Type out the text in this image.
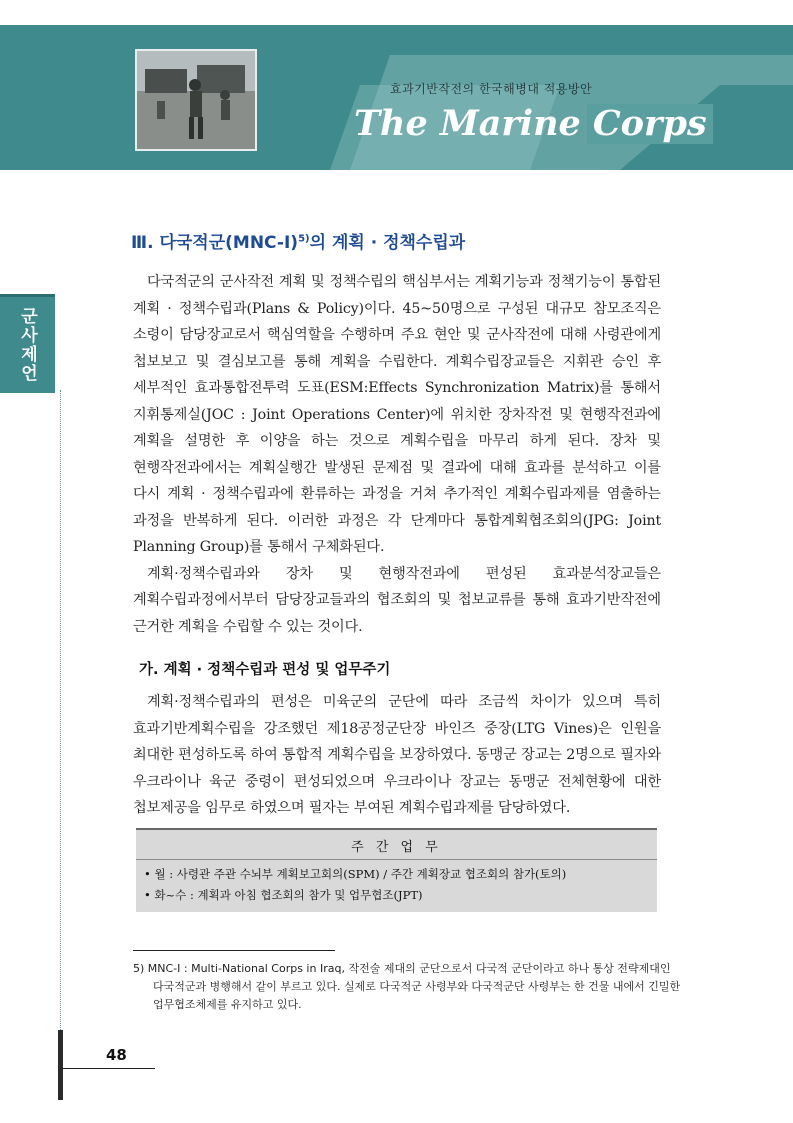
효과기반작전의 한국해병대 적용방안
The Marine Corps
군사제언
Ⅲ. 다국적군$(MNC-I)^{5)}$의 계획 · 정책수립과

다국적군의 군사작전 계획 및 정책수립의 핵심부서는 계획기능과 정책기능이 통합된 계획 · 정책수립과(Plans & Policy)이다. 45~50명으로 구성된 대규모 참모조직은 소령이 담당장교로서 핵심역할을 수행하며 주요 현안 및 군사작전에 대해 사령관에게 첩보보고 및 결심보고를 통해 계획을 수립한다. 계획수립장교들은 지휘관 승인 후 세부적인 효과통합전투력 도표(ESM:Effects Synchronization Matrix)를 통해서 지휘통제실(JOC : Joint Operations Center)에 위치한 장차작전 및 현행작전과에 계획을 설명한 후 이양을 하는 것으로 계획수립을 마무리 하게 된다. 장차 및 현행작전과에서는 계획실행간 발생된 문제점 및 결과에 대해 효과를 분석하고 이를 다시 계획 · 정책수립과에 환류하는 과정을 거쳐 추가적인 계획수립과제를 염출하는 과정을 반복하게 된다. 이러한 과정은 각 단계마다 통합계획협조회의(JPG: Joint Planning Group)를 통해서 구체화된다.

계획·정책수립과와 장차 및 현행작전과에 편성된 효과분석장교들은 계획수립과정에서부터 담당장교들과의 협조회의 및 첩보교류를 통해 효과기반작전에 근거한 계획을 수립할 수 있는 것이다.

가. 계획 · 정책수립과 편성 및 업무주기

계획·정책수립과의 편성은 미육군의 군단에 따라 조금씩 차이가 있으며 특히 효과기반계획수립을 강조했던 제18공정군단장 바인즈 중장(LTG Vines)은 인원을 최대한 편성하도록 하여 통합적 계획수립을 보장하였다. 동맹군 장교는 2명으로 필자와 우크라이나 육군 중령이 편성되었으며 우크라이나 장교는 동맹군 전체현황에 대한 첩보제공을 임무로 하였으며 필자는 부여된 계획수립과제를 담당하였다.

주 간 업 무
• 월 : 사령관 주관 수뇌부 계획보고회의(SPM) / 주간 계획장교 협조회의 참가(토의)
• 화~수 : 계획과 아침 협조회의 참가 및 업무협조(JPT)
5) MNC-I : Multi-National Corps in Iraq, 작전술 제대의 군단으로서 다국적 군단이라고 하나 통상 전략제대인 다국적군과 병행해서 같이 부르고 있다. 실제로 다국적군 사령부와 다국적군단 사령부는 한 건물 내에서 긴밀한 업무협조체제를 유지하고 있다.
48
